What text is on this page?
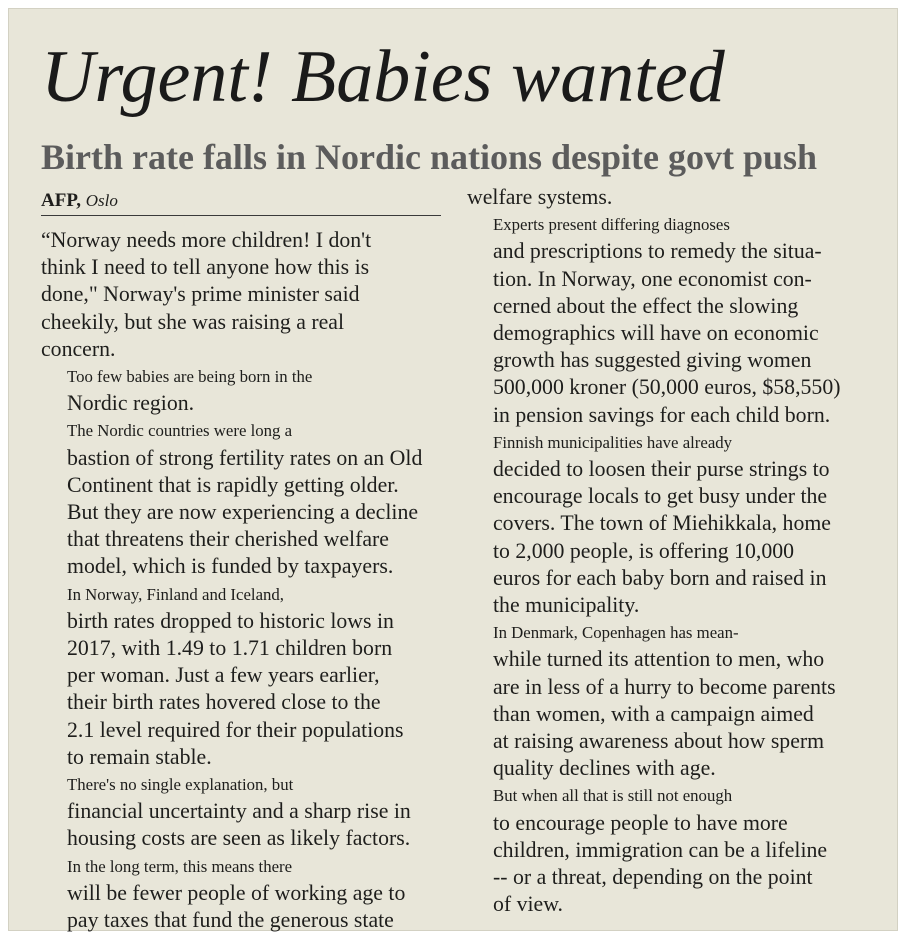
Urgent! Babies wanted
Birth rate falls in Nordic nations despite govt push
AFP, Oslo

“Norway needs more children! I don't
think I need to tell anyone how this is
done," Norway's prime minister said
cheekily, but she was raising a real
concern.

Too few babies are being born in the
Nordic region.

The Nordic countries were long a
bastion of strong fertility rates on an Old
Continent that is rapidly getting older.
But they are now experiencing a decline
that threatens their cherished welfare
model, which is funded by taxpayers.

In Norway, Finland and Iceland,
birth rates dropped to historic lows in
2017, with 1.49 to 1.71 children born
per woman. Just a few years earlier,
their birth rates hovered close to the
2.1 level required for their populations
to remain stable.

There's no single explanation, but
financial uncertainty and a sharp rise in
housing costs are seen as likely factors.

In the long term, this means there
will be fewer people of working age to
pay taxes that fund the generous state

welfare systems.

Experts present differing diagnoses
and prescriptions to remedy the situa-
tion. In Norway, one economist con-
cerned about the effect the slowing
demographics will have on economic
growth has suggested giving women
500,000 kroner (50,000 euros, $58,550)
in pension savings for each child born.

Finnish municipalities have already
decided to loosen their purse strings to
encourage locals to get busy under the
covers. The town of Miehikkala, home
to 2,000 people, is offering 10,000
euros for each baby born and raised in
the municipality.

In Denmark, Copenhagen has mean-
while turned its attention to men, who
are in less of a hurry to become parents
than women, with a campaign aimed
at raising awareness about how sperm
quality declines with age.

But when all that is still not enough
to encourage people to have more
children, immigration can be a lifeline
-- or a threat, depending on the point
of view.
